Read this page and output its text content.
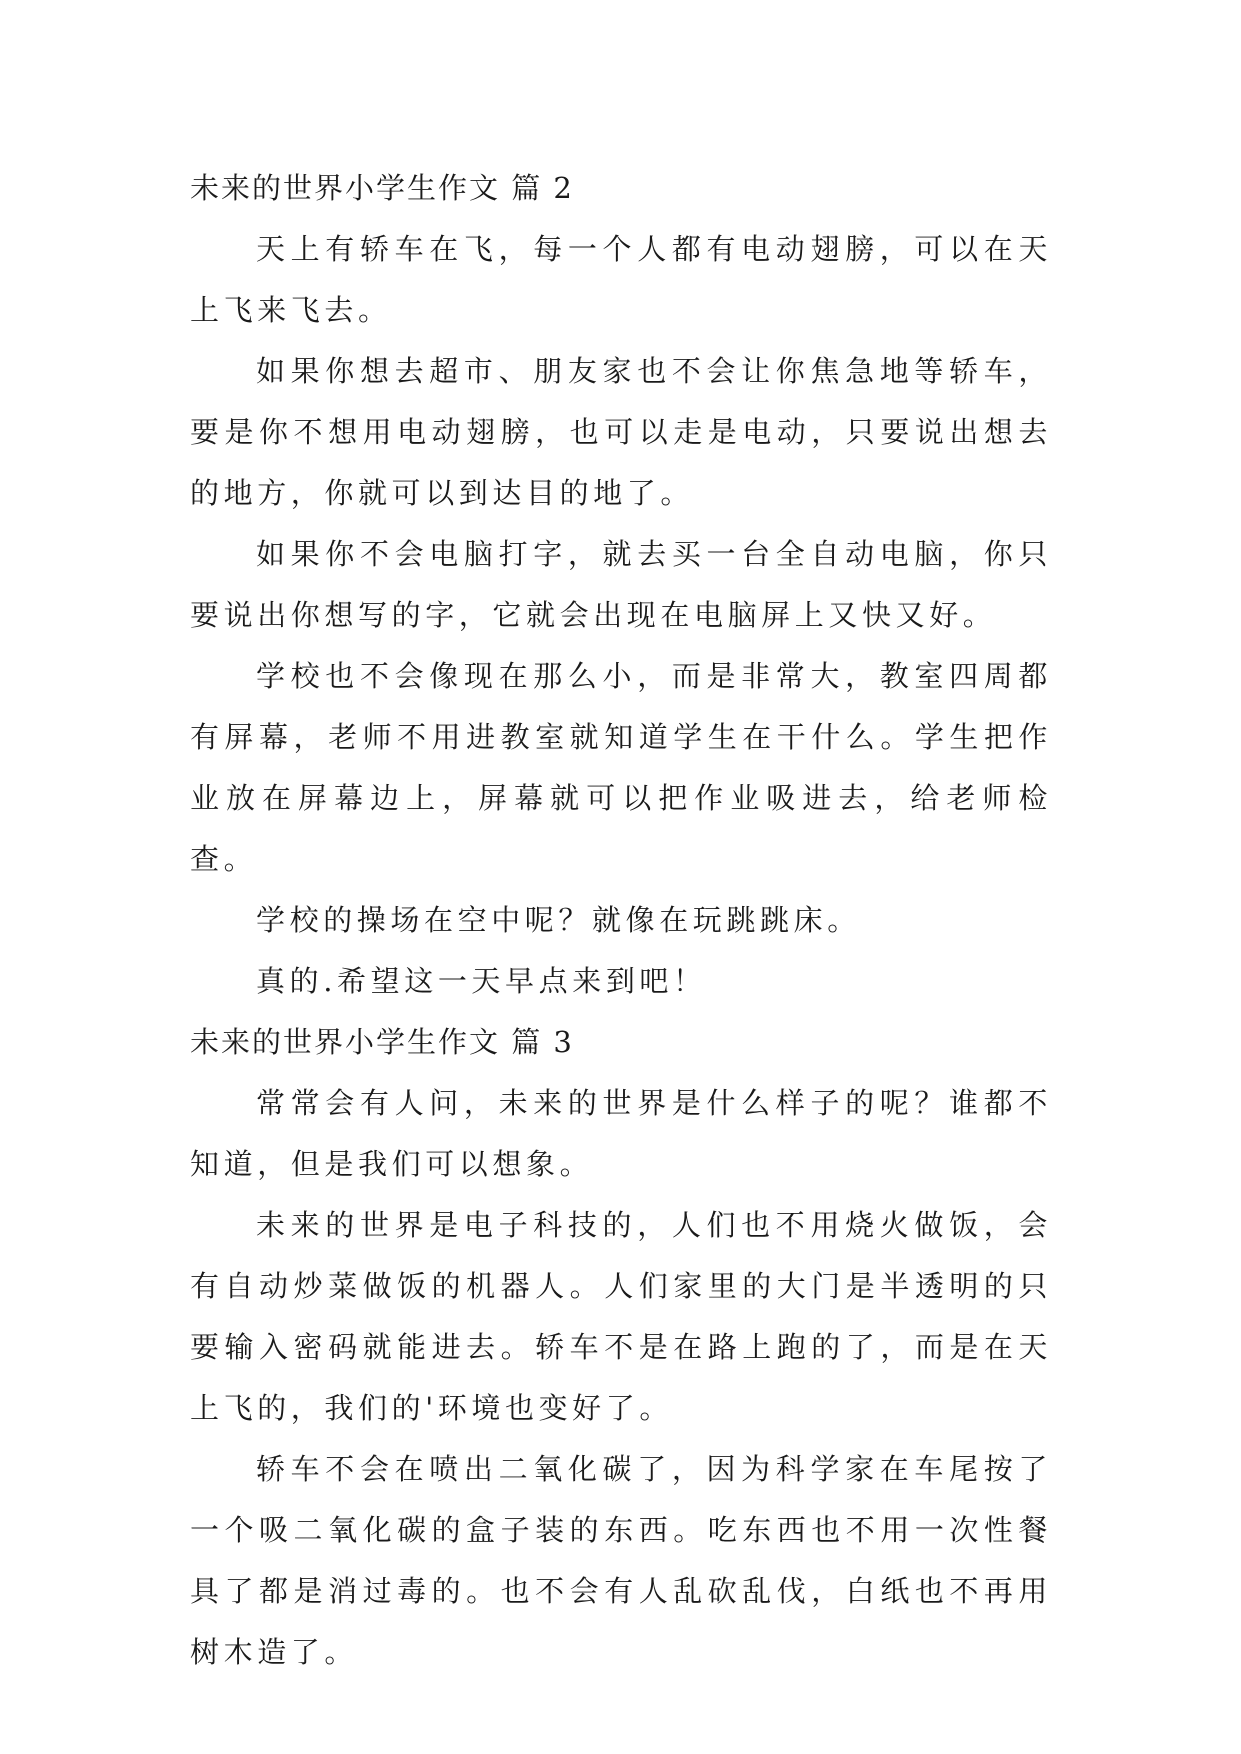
未来的世界小学生作文 篇 2

天上有轿车在飞，每一个人都有电动翅膀，可以在天上飞来飞去。

如果你想去超市、朋友家也不会让你焦急地等轿车，要是你不想用电动翅膀，也可以走是电动，只要说出想去的地方，你就可以到达目的地了。

如果你不会电脑打字，就去买一台全自动电脑，你只要说出你想写的字，它就会出现在电脑屏上又快又好。

学校也不会像现在那么小，而是非常大，教室四周都有屏幕，老师不用进教室就知道学生在干什么。学生把作业放在屏幕边上，屏幕就可以把作业吸进去，给老师检查。

学校的操场在空中呢？就像在玩跳跳床。

真的.希望这一天早点来到吧！

未来的世界小学生作文 篇 3

常常会有人问，未来的世界是什么样子的呢？谁都不知道，但是我们可以想象。

未来的世界是电子科技的，人们也不用烧火做饭，会有自动炒菜做饭的机器人。人们家里的大门是半透明的只要输入密码就能进去。轿车不是在路上跑的了，而是在天上飞的，我们的'环境也变好了。

轿车不会在喷出二氧化碳了，因为科学家在车尾按了一个吸二氧化碳的盒子装的东西。吃东西也不用一次性餐具了都是消过毒的。也不会有人乱砍乱伐，白纸也不再用树木造了。
